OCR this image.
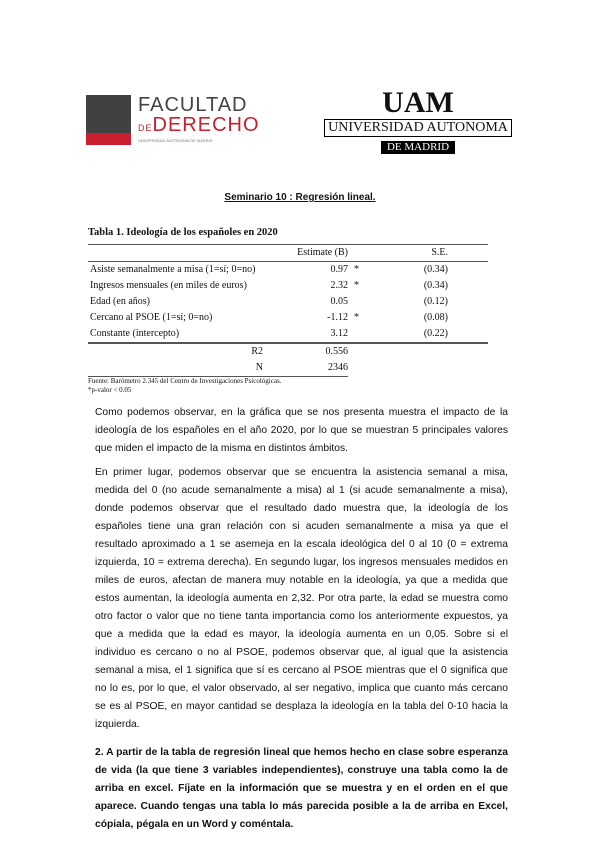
FACULTAD
DEDERECHO
UNIVERSIDAD AUTÓNOMA DE MADRID
UAM
UNIVERSIDAD AUTONOMA
DE MADRID
Seminario 10 : Regresión lineal.
Tabla 1. Ideología de los españoles en 2020
Estimate (B)	S.E.
Asiste semanalmente a misa (1=sí; 0=no)	0.97 *	(0.34)
Ingresos mensuales (en miles de euros)	2.32 *	(0.34)
Edad (en años)	0.05	(0.12)
Cercano al PSOE (1=sí; 0=no)	-1.12 *	(0.08)
Constante (intercepto)	3.12	(0.22)
R2	0.556
N	2346
Fuente: Barómetro 2.345 del Centro de Investigaciones Psicológicas.
*p-valor < 0.05

Como podemos observar, en la gráfica que se nos presenta muestra el impacto de la ideología de los españoles en el año 2020, por lo que se muestran 5 principales valores que miden el impacto de la misma en distintos ámbitos.

En primer lugar, podemos observar que se encuentra la asistencia semanal a misa, medida del 0 (no acude semanalmente a misa) al 1 (si acude semanalmente a misa), donde podemos observar que el resultado dado muestra que, la ideología de los españoles tiene una gran relación con si acuden semanalmente a misa ya que el resultado aproximado a 1 se asemeja en la escala ideológica del 0 al 10 (0 = extrema izquierda, 10 = extrema derecha). En segundo lugar, los ingresos mensuales medidos en miles de euros, afectan de manera muy notable en la ideología, ya que a medida que estos aumentan, la ideología aumenta en 2,32. Por otra parte, la edad se muestra como otro factor o valor que no tiene tanta importancia como los anteriormente expuestos, ya que a medida que la edad es mayor, la ideología aumenta en un 0,05. Sobre si el individuo es cercano o no al PSOE, podemos observar que, al igual que la asistencia semanal a misa, el 1 significa que sí es cercano al PSOE mientras que el 0 significa que no lo es, por lo que, el valor observado, al ser negativo, implica que cuanto más cercano se es al PSOE, en mayor cantidad se desplaza la ideología en la tabla del 0-10 hacia la izquierda.

2. A partir de la tabla de regresión lineal que hemos hecho en clase sobre esperanza de vida (la que tiene 3 variables independientes), construye una tabla como la de arriba en excel. Fíjate en la información que se muestra y en el orden en el que aparece. Cuando tengas una tabla lo más parecida posible a la de arriba en Excel, cópiala, pégala en un Word y coméntala.
